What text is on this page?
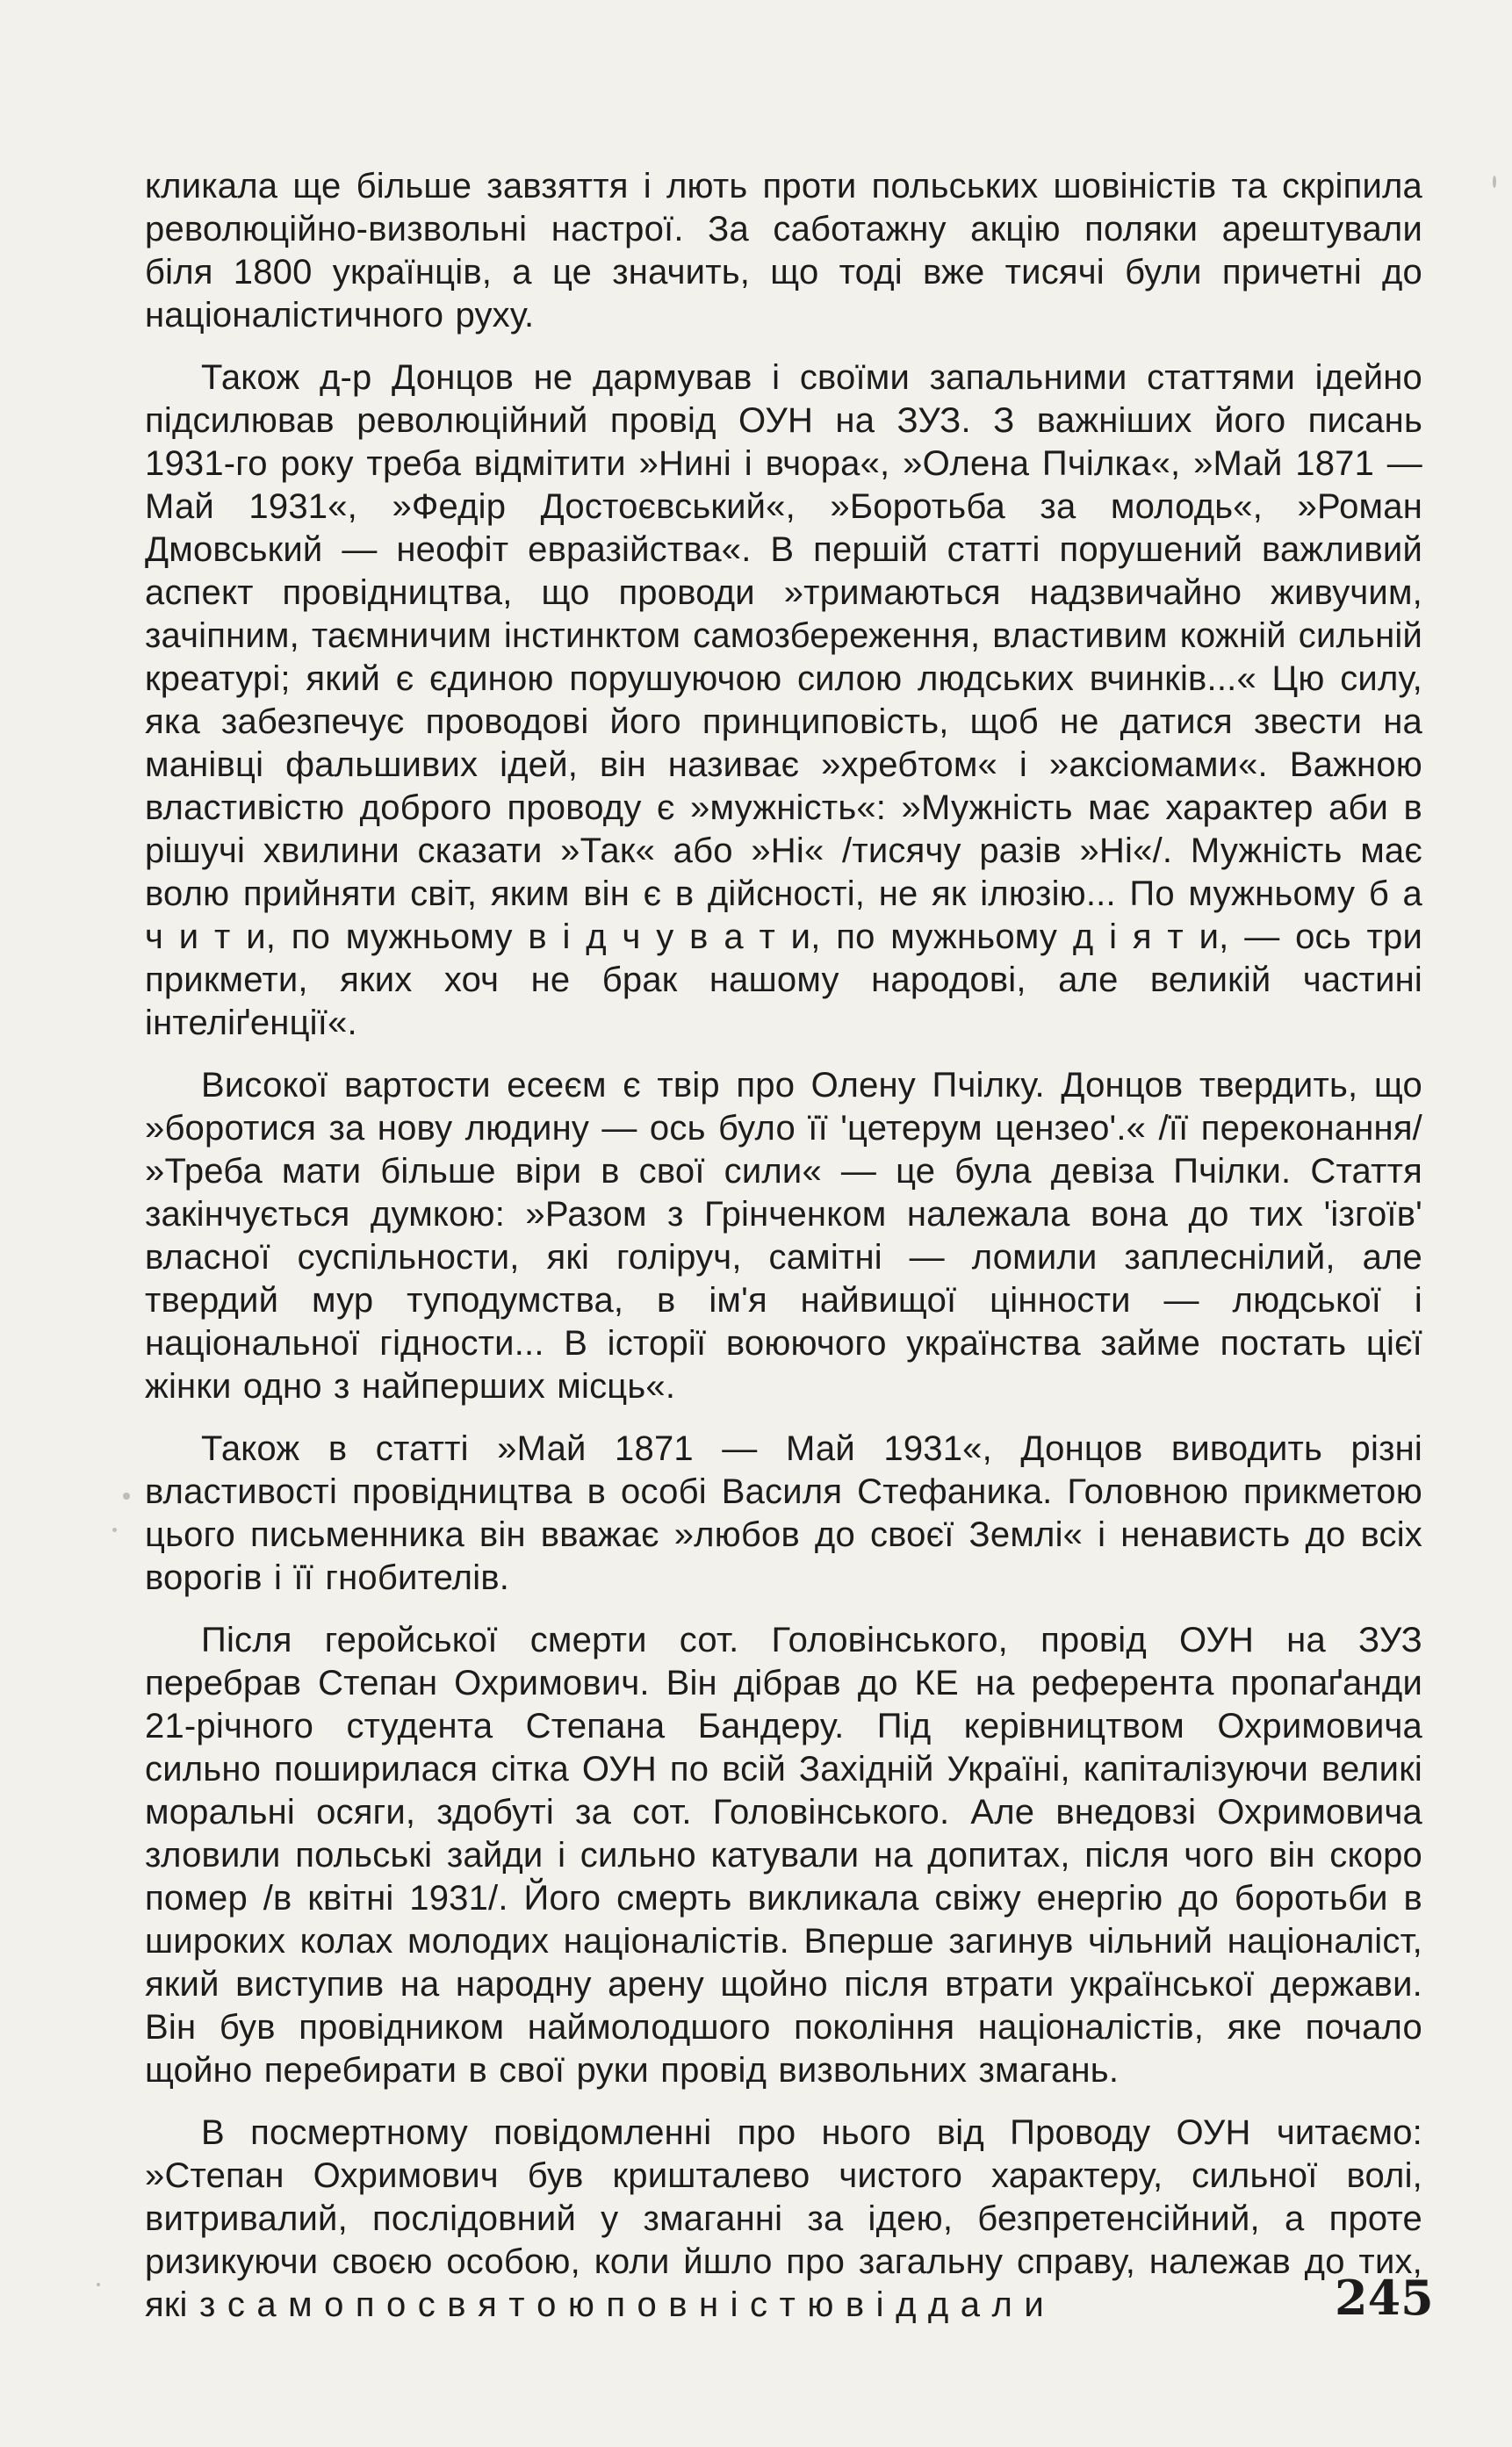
кликала ще більше завзяття і лють проти польських шовіністів та скріпила революційно-визвольні настрої. За саботажну акцію поляки арештували біля 1800 українців, а це значить, що тоді вже тисячі були причетні до націоналістичного руху.

Також д-р Донцов не дармував і своїми запальними статтями ідейно підсилював революційний провід ОУН на ЗУЗ. З важніших його писань 1931-го року треба відмітити »Нині і вчора«, »Олена Пчілка«, »Май 1871 — Май 1931«, »Федір Достоєвський«, »Боротьба за молодь«, »Роман Дмовський — неофіт евразійства«. В першій статті порушений важливий аспект провідництва, що проводи »тримаються надзвичайно живучим, зачіпним, таємничим інстинктом самозбереження, властивим кожній сильній креатурі; який є єдиною порушуючою силою людських вчинків...« Цю силу, яка забезпечує проводові його принциповість, щоб не датися звести на манівці фальшивих ідей, він називає »хребтом« і »аксіомами«. Важною властивістю доброго проводу є »мужність«: »Мужність має характер аби в рішучі хвилини сказати »Так« або »Ні« /тисячу разів »Ні«/. Мужність має волю прийняти світ, яким він є в дійсності, не як ілюзію... По мужньому б а ч и т и, по мужньому в і д ч у в а т и, по мужньому д і я т и, — ось три прикмети, яких хоч не брак нашому народові, але великій частині інтеліґенції«.

Високої вартости есеєм є твір про Олену Пчілку. Донцов твердить, що »боротися за нову людину — ось було її 'цетерум цензео'.« /її переконання/ »Треба мати більше віри в свої сили« — це була девіза Пчілки. Стаття закінчується думкою: »Разом з Грінченком належала вона до тих 'ізгоїв' власної суспільности, які голіруч, самітні — ломили заплеснілий, але твердий мур туподумства, в ім'я найвищої цінности — людської і національної гідности... В історії воюючого українства займе постать цієї жінки одно з найперших місць«.

Також в статті »Май 1871 — Май 1931«, Донцов виводить різні властивості провідництва в особі Василя Стефаника. Головною прикметою цього письменника він вважає »любов до своєї Землі« і ненависть до всіх ворогів і її гнобителів.

Після геройської смерти сот. Головінського, провід ОУН на ЗУЗ перебрав Степан Охримович. Він дібрав до КЕ на референта пропаґанди 21-річного студента Степана Бандеру. Під керівництвом Охримовича сильно поширилася сітка ОУН по всій Західній Україні, капіталізуючи великі моральні осяги, здобуті за сот. Головінського. Але внедовзі Охримовича зловили польські зайди і сильно катували на допитах, після чого він скоро помер /в квітні 1931/. Його смерть викликала свіжу енергію до боротьби в широких колах молодих націоналістів. Вперше загинув чільний націоналіст, який виступив на народну арену щойно після втрати української держави. Він був провідником наймолодшого покоління націоналістів, яке почало щойно перебирати в свої руки провід визвольних змагань.

В посмертному повідомленні про нього від Проводу ОУН читаємо: »Степан Охримович був кришталево чистого характеру, сильної волі, витривалий, послідовний у змаганні за ідею, безпретенсійний, а проте ризикуючи своєю особою, коли йшло про загальну справу, належав до тих, які з с а м о п о с в я т о ю п о в н і с т ю в і д д а л и	245
